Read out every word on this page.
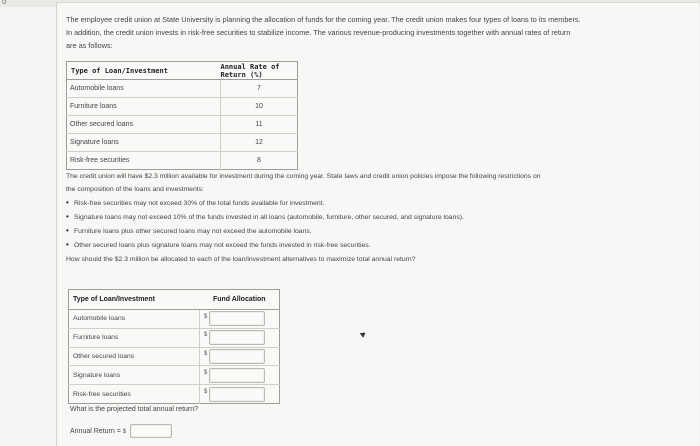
o
The employee credit union at State University is planning the allocation of funds for the coming year. The credit union makes four types of loans to its members.
In addition, the credit union invests in risk-free securities to stabilize income. The various revenue-producing investments together with annual rates of return
are as follows:
Type of Loan/Investment	Annual Rate of Return (%)
Automobile loans	7
Furniture loans	10
Other secured loans	11
Signature loans	12
Risk-free securities	8
The credit union will have $2.3 million available for investment during the coming year. State laws and credit union policies impose the following restrictions on
the composition of the loans and investments:
• Risk-free securities may not exceed 30% of the total funds available for investment.
• Signature loans may not exceed 10% of the funds invested in all loans (automobile, furniture, other secured, and signature loans).
• Furniture loans plus other secured loans may not exceed the automobile loans.
• Other secured loans plus signature loans may not exceed the funds invested in risk-free securities.
How should the $2.3 million be allocated to each of the loan/investment alternatives to maximize total annual return?
Type of Loan/Investment	Fund Allocation
Automobile loans	$
Furniture loans	$
Other secured loans	$
Signature loans	$
Risk-free securities	$
What is the projected total annual return?
Annual Return = $
